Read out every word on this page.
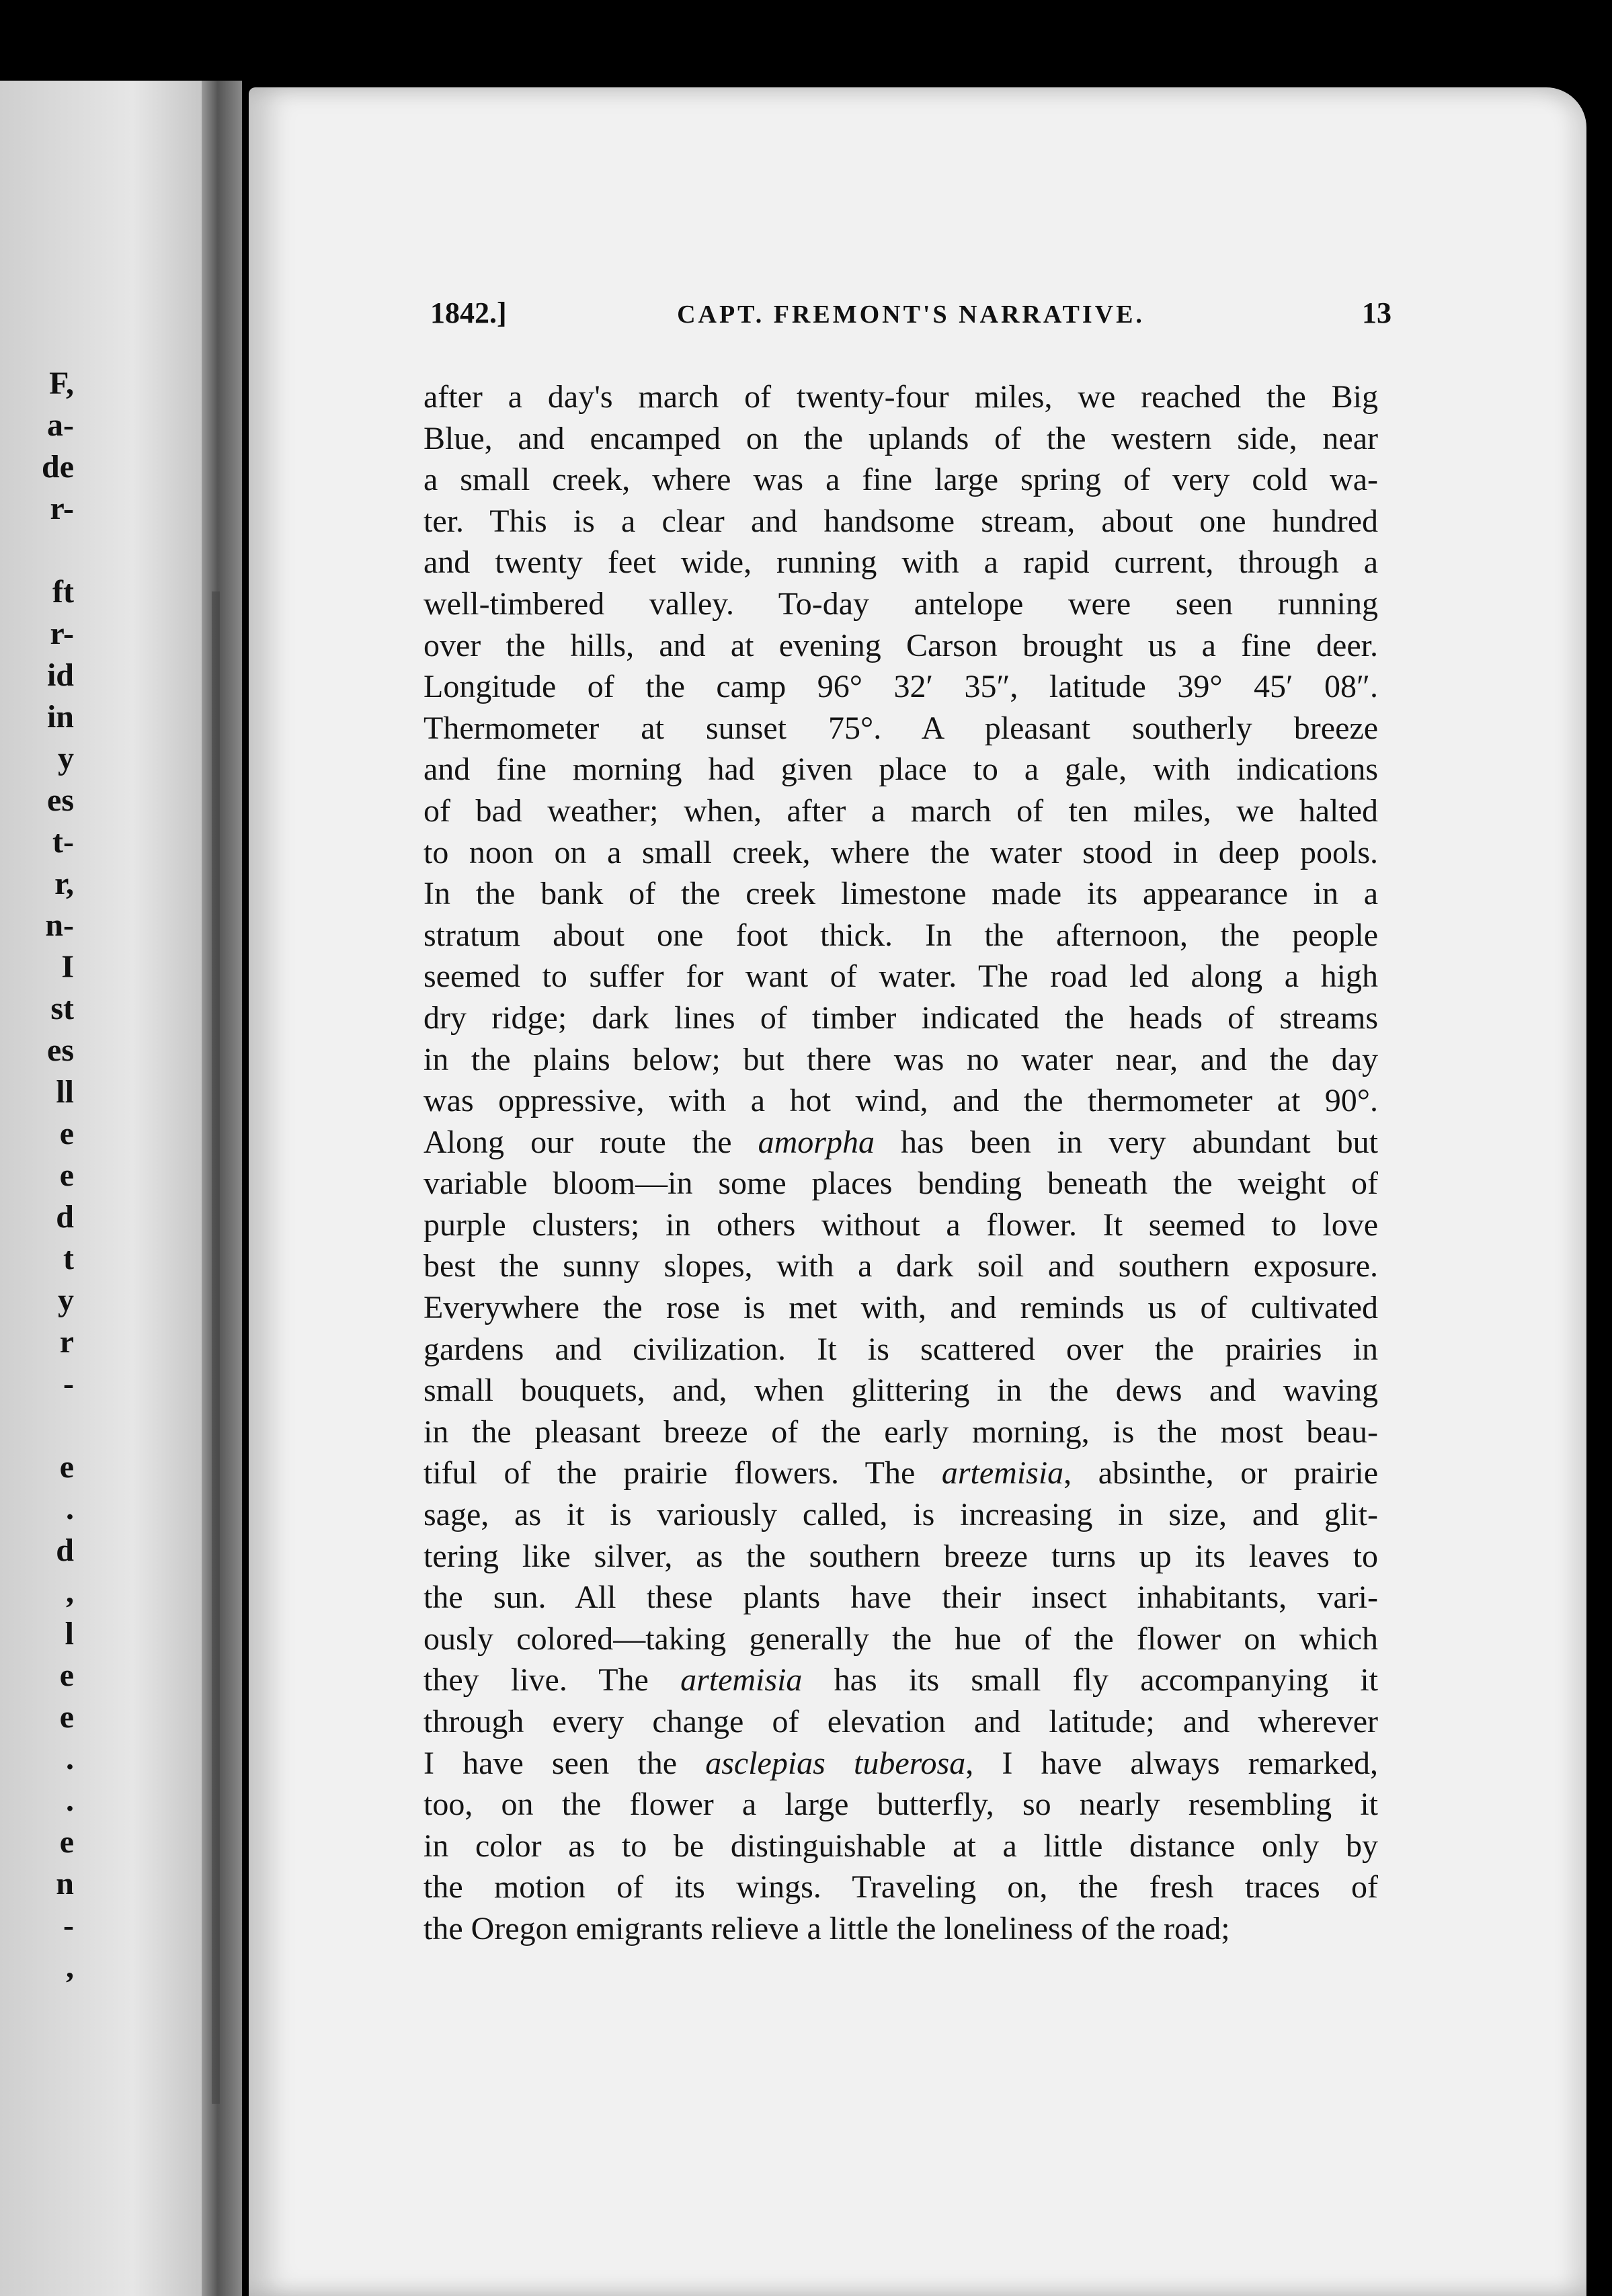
F,
a-
de
r-
ft
r-
id
in
y
es
t-
r,
n-
I
st
es
ll
e
e
d
t
y
r
-
e
.
d
,
l
e
e
.
.
e
n
-
,
1842.]	CAPT. FREMONT'S NARRATIVE.	13
after a day's march of twenty-four miles, we reached the Big
Blue, and encamped on the uplands of the western side, near
a small creek, where was a fine large spring of very cold wa-
ter. This is a clear and handsome stream, about one hundred
and twenty feet wide, running with a rapid current, through a
well-timbered valley. To-day antelope were seen running
over the hills, and at evening Carson brought us a fine deer.
Longitude of the camp 96° 32′ 35″, latitude 39° 45′ 08″.
Thermometer at sunset 75°. A pleasant southerly breeze
and fine morning had given place to a gale, with indications
of bad weather; when, after a march of ten miles, we halted
to noon on a small creek, where the water stood in deep pools.
In the bank of the creek limestone made its appearance in a
stratum about one foot thick. In the afternoon, the people
seemed to suffer for want of water. The road led along a high
dry ridge; dark lines of timber indicated the heads of streams
in the plains below; but there was no water near, and the day
was oppressive, with a hot wind, and the thermometer at 90°.
Along our route the amorpha has been in very abundant but
variable bloom—in some places bending beneath the weight of
purple clusters; in others without a flower. It seemed to love
best the sunny slopes, with a dark soil and southern exposure.
Everywhere the rose is met with, and reminds us of cultivated
gardens and civilization. It is scattered over the prairies in
small bouquets, and, when glittering in the dews and waving
in the pleasant breeze of the early morning, is the most beau-
tiful of the prairie flowers. The artemisia, absinthe, or prairie
sage, as it is variously called, is increasing in size, and glit-
tering like silver, as the southern breeze turns up its leaves to
the sun. All these plants have their insect inhabitants, vari-
ously colored—taking generally the hue of the flower on which
they live. The artemisia has its small fly accompanying it
through every change of elevation and latitude; and wherever
I have seen the asclepias tuberosa, I have always remarked,
too, on the flower a large butterfly, so nearly resembling it
in color as to be distinguishable at a little distance only by
the motion of its wings. Traveling on, the fresh traces of
the Oregon emigrants relieve a little the loneliness of the road;
